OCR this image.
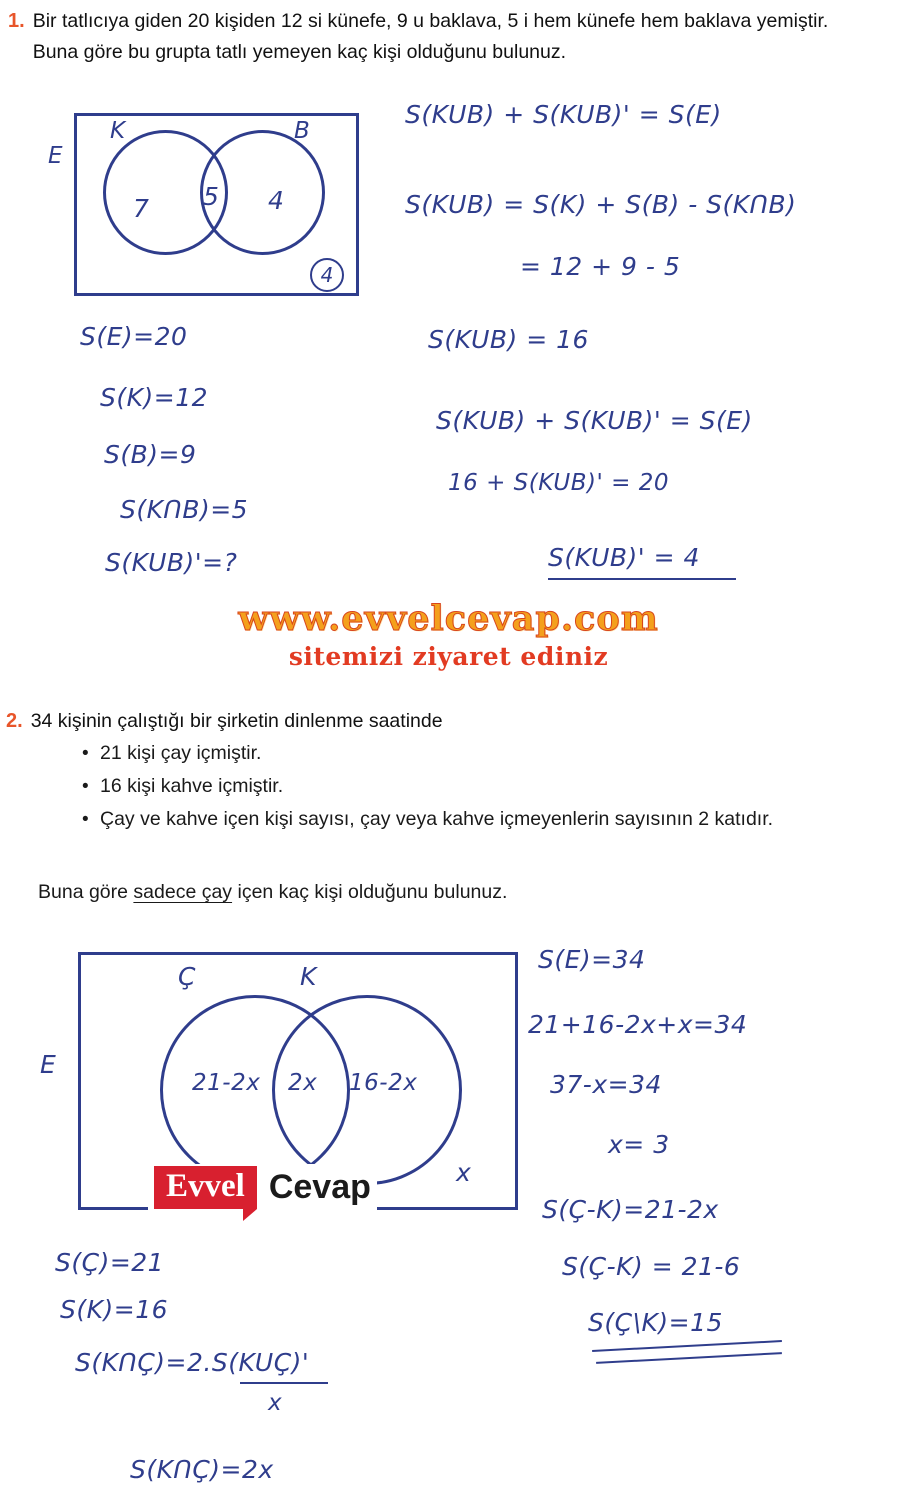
1. Bir tatlıcıya giden 20 kişiden 12 si künefe, 9 u baklava, 5 i hem künefe hem baklava yemiştir. Buna göre bu grupta tatlı yemeyen kaç kişi olduğunu bulunuz.
E
K	B
7 5 4
4
S(E)=20
S(K)=12
S(B)=9
S(KՈB)=5
S(KUB)'=?
S(KUB) + S(KUB)' = S(E)
S(KUB) = S(K) + S(B) - S(KՈB)
= 12 + 9 - 5
S(KUB) = 16
S(KUB) + S(KUB)' = S(E)
16 + S(KUB)' = 20
S(KUB)' = 4
www.evvelcevap.com
sitemizi ziyaret ediniz
2. 34 kişinin çalıştığı bir şirketin dinlenme saatinde
• 21 kişi çay içmiştir.
• 16 kişi kahve içmiştir.
• Çay ve kahve içen kişi sayısı, çay veya kahve içmeyenlerin sayısının 2 katıdır.
Buna göre sadece çay içen kaç kişi olduğunu bulunuz.
E
Ç	K
21-2x 2x 16-2x
x
Evvel Cevap
S(Ç)=21
S(K)=16
S(KՈÇ)=2.S(KUÇ)'
x
S(KՈÇ)=2x
S(E)=34
21+16-2x+x=34
37-x=34
x= 3
S(Ç-K)=21-2x
S(Ç-K) = 21-6
S(Ç\K)=15
